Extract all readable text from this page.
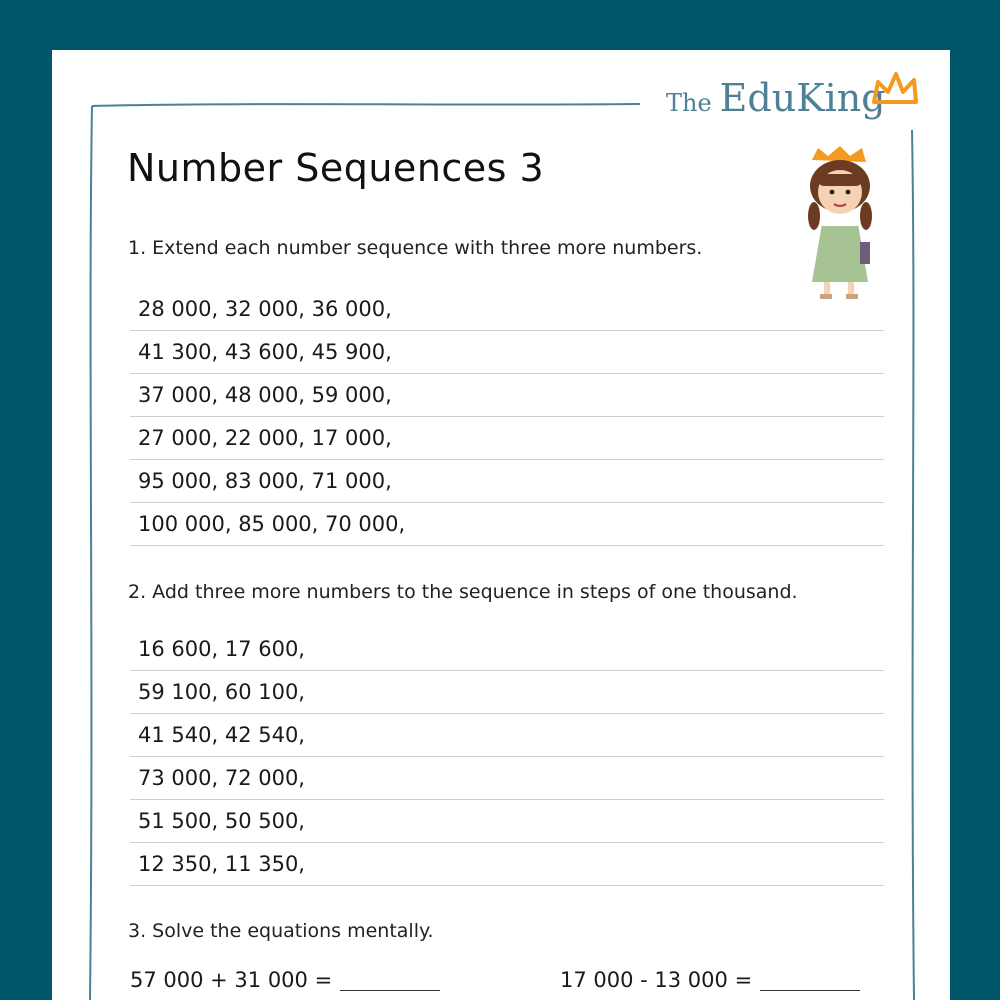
The EduKing
Number Sequences 3
1. Extend each number sequence with three more numbers.
28 000, 32 000, 36 000,
41 300, 43 600, 45 900,
37 000, 48 000, 59 000,
27 000, 22 000, 17 000,
95 000, 83 000, 71 000,
100 000, 85 000, 70 000,
2. Add three more numbers to the sequence in steps of one thousand.
16 600, 17 600,
59 100, 60 100,
41 540, 42 540,
73 000, 72 000,
51 500, 50 500,
12 350, 11 350,
3. Solve the equations mentally.
57 000 + 31 000 =	17 000 - 13 000 =
